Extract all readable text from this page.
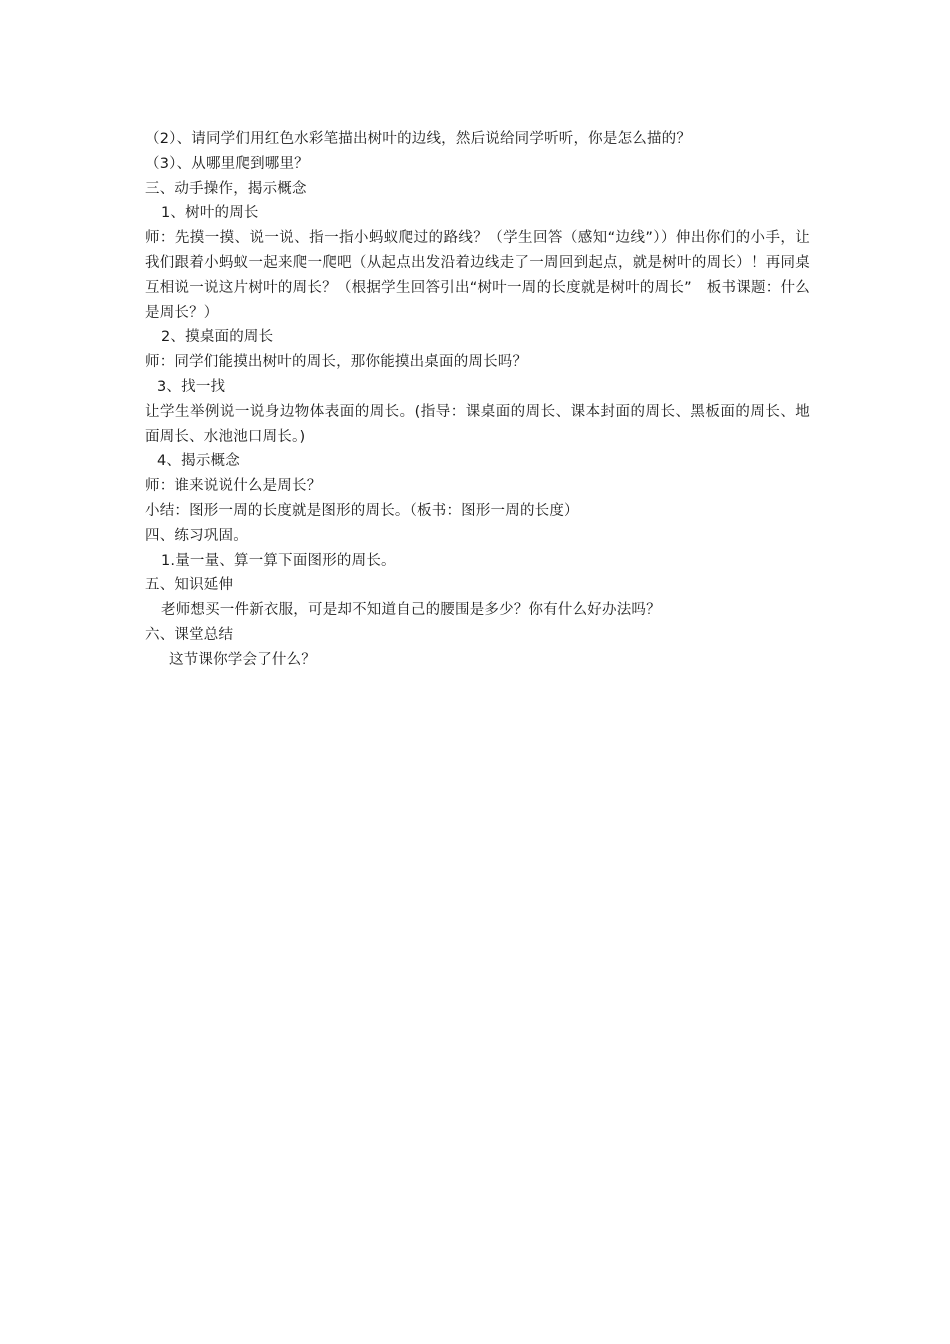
（2）、请同学们用红色水彩笔描出树叶的边线，然后说给同学听听，你是怎么描的？
（3）、从哪里爬到哪里？
三、动手操作，揭示概念
1、树叶的周长
师：先摸一摸、说一说、指一指小蚂蚁爬过的路线？（学生回答（感知“边线”））伸出你们的小手，让我们跟着小蚂蚁一起来爬一爬吧（从起点出发沿着边线走了一周回到起点，就是树叶的周长）！再同桌互相说一说这片树叶的周长？（根据学生回答引出“树叶一周的长度就是树叶的周长”　板书课题：什么是周长？）
2、摸桌面的周长
师：同学们能摸出树叶的周长，那你能摸出桌面的周长吗？
3、找一找
让学生举例说一说身边物体表面的周长。(指导：课桌面的周长、课本封面的周长、黑板面的周长、地面周长、水池池口周长。)
4、揭示概念
师：谁来说说什么是周长？
小结：图形一周的长度就是图形的周长。（板书：图形一周的长度）
四、练习巩固。
1.量一量、算一算下面图形的周长。
五、知识延伸
老师想买一件新衣服，可是却不知道自己的腰围是多少？你有什么好办法吗？
六、课堂总结
这节课你学会了什么？
